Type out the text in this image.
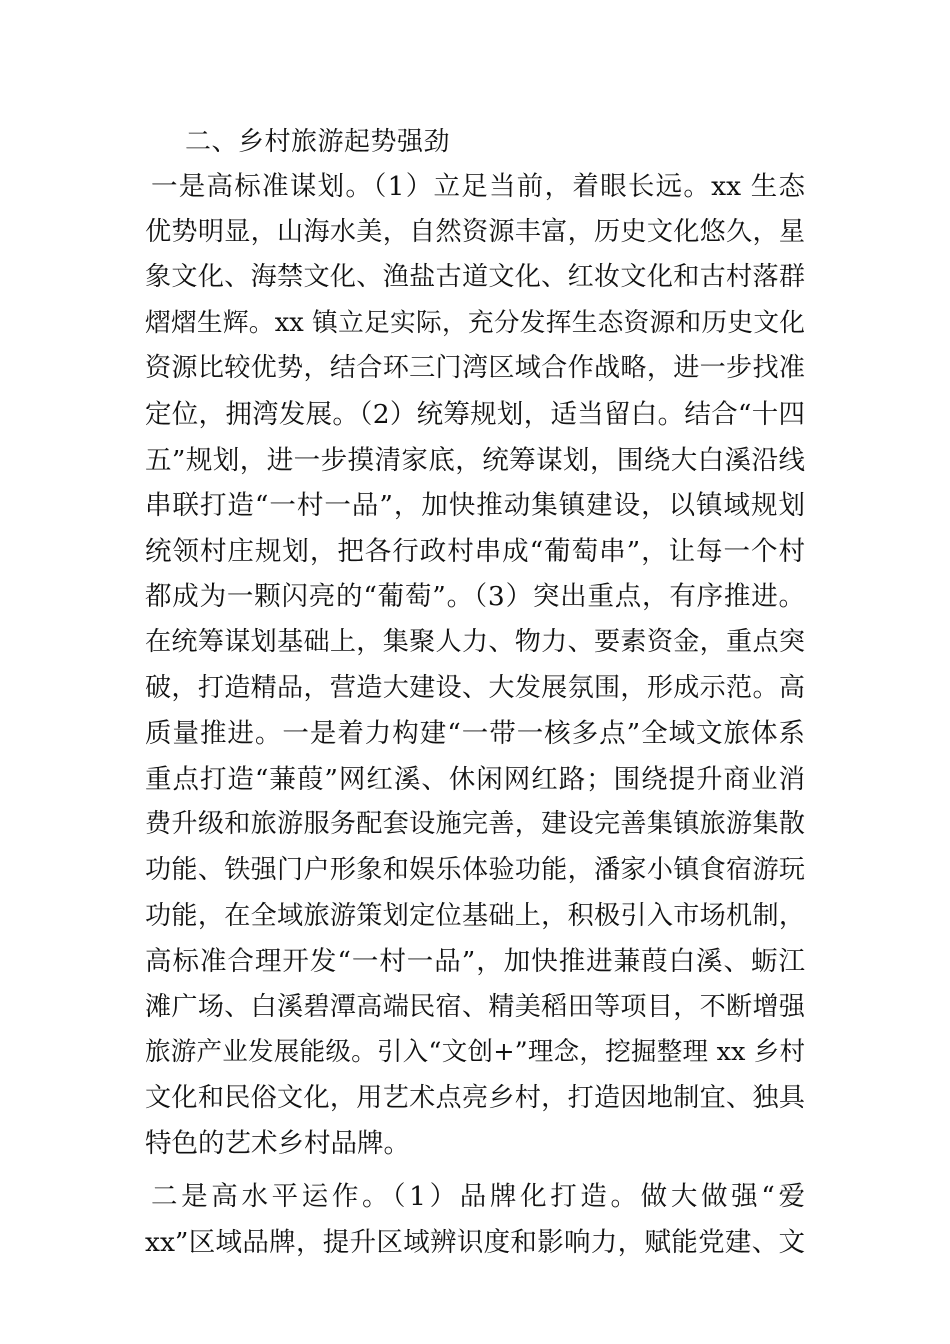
二、乡村旅游起势强劲
一是高标准谋划。（1）立足当前，着眼长远。xx 生态
优势明显，山海水美，自然资源丰富，历史文化悠久，星
象文化、海禁文化、渔盐古道文化、红妆文化和古村落群
熠熠生辉。xx 镇立足实际，充分发挥生态资源和历史文化
资源比较优势，结合环三门湾区域合作战略，进一步找准
定位，拥湾发展。（2）统筹规划，适当留白。结合“十四
五”规划，进一步摸清家底，统筹谋划，围绕大白溪沿线
串联打造“一村一品”，加快推动集镇建设，以镇域规划
统领村庄规划，把各行政村串成“葡萄串”，让每一个村
都成为一颗闪亮的“葡萄”。（3）突出重点，有序推进。
在统筹谋划基础上，集聚人力、物力、要素资金，重点突
破，打造精品，营造大建设、大发展氛围，形成示范。高
质量推进。一是着力构建“一带一核多点”全域文旅体系
重点打造“蒹葭”网红溪、休闲网红路；围绕提升商业消
费升级和旅游服务配套设施完善，建设完善集镇旅游集散
功能、铁强门户形象和娱乐体验功能，潘家小镇食宿游玩
功能，在全域旅游策划定位基础上，积极引入市场机制，
高标准合理开发“一村一品”，加快推进蒹葭白溪、蛎江
滩广场、白溪碧潭高端民宿、精美稻田等项目，不断增强
旅游产业发展能级。引入“文创+”理念，挖掘整理 xx 乡村
文化和民俗文化，用艺术点亮乡村，打造因地制宜、独具
特色的艺术乡村品牌。
二是高水平运作。（1）品牌化打造。做大做强“爱
xx”区域品牌，提升区域辨识度和影响力，赋能党建、文
